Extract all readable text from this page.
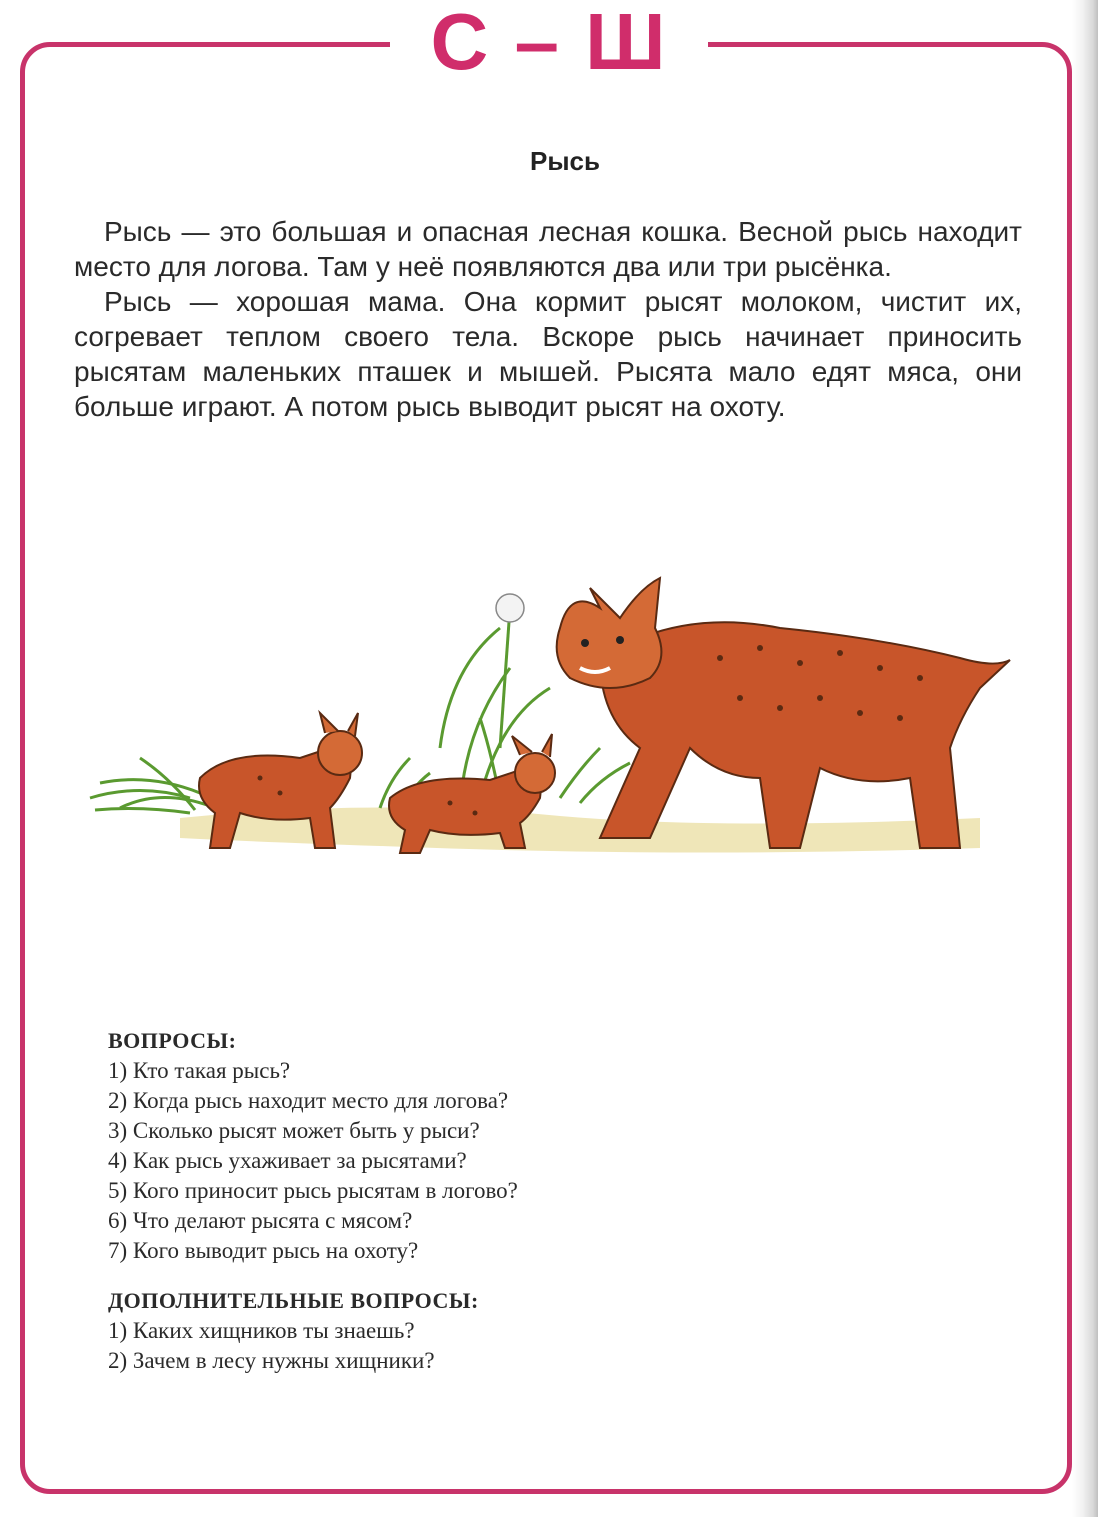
С – Ш
Рысь

Рысь — это большая и опасная лесная кошка. Весной рысь находит место для логова. Там у неё появляются два или три рысёнка.

Рысь — хорошая мама. Она кормит рысят молоком, чистит их, согревает теплом своего тела. Вскоре рысь начинает приносить рысятам маленьких пташек и мышей. Рысята мало едят мяса, они больше играют. А потом рысь выводит рысят на охоту.

ВОПРОСЫ:
1) Кто такая рысь?
2) Когда рысь находит место для логова?
3) Сколько рысят может быть у рыси?
4) Как рысь ухаживает за рысятами?
5) Кого приносит рысь рысятам в логово?
6) Что делают рысята с мясом?
7) Кого выводит рысь на охоту?
ДОПОЛНИТЕЛЬНЫЕ ВОПРОСЫ:
1) Каких хищников ты знаешь?
2) Зачем в лесу нужны хищники?
